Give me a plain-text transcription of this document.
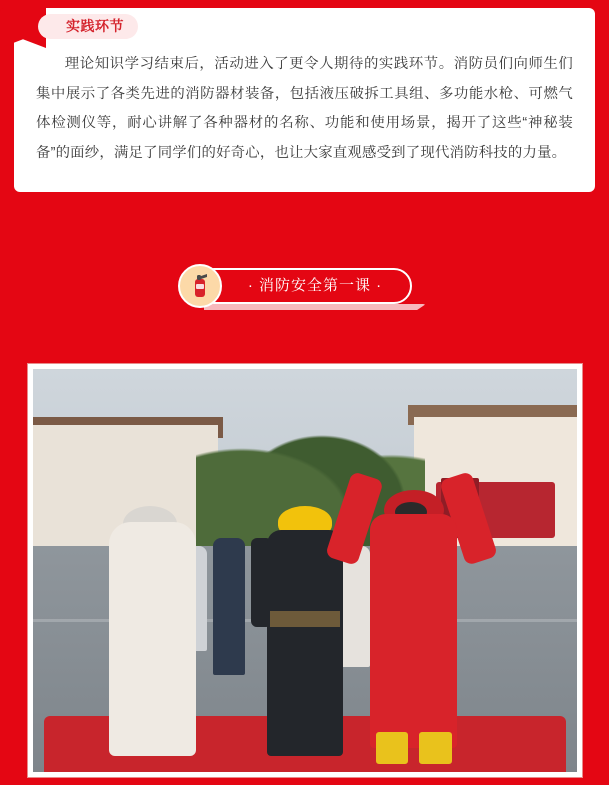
实践环节

理论知识学习结束后，活动进入了更令人期待的实践环节。消防员们向师生们集中展示了各类先进的消防器材装备，包括液压破拆工具组、多功能水枪、可燃气体检测仪等，耐心讲解了各种器材的名称、功能和使用场景，揭开了这些“神秘装备”的面纱，满足了同学们的好奇心，也让大家直观感受到了现代消防科技的力量。

· 消防安全第一课 ·
